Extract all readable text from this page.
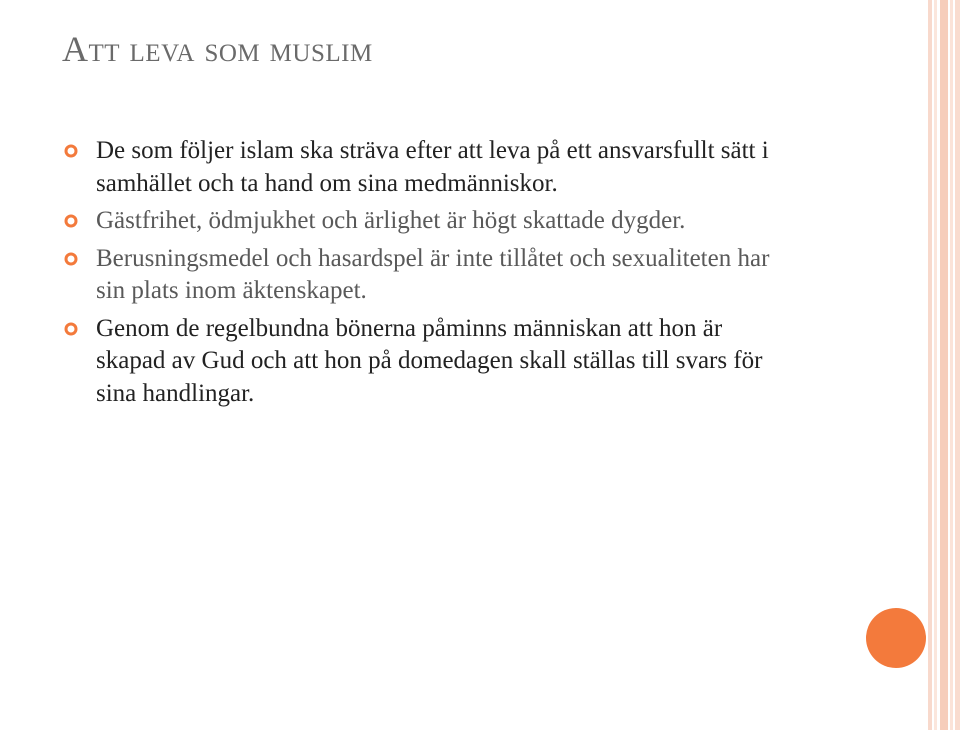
Att leva som muslim
De som följer islam ska sträva efter att leva på ett ansvarsfullt sätt i samhället och ta hand om sina medmänniskor.
Gästfrihet, ödmjukhet och ärlighet är högt skattade dygder.
Berusningsmedel och hasardspel är inte tillåtet och sexualiteten har sin plats inom äktenskapet.
Genom de regelbundna bönerna påminns människan att hon är skapad av Gud och att hon på domedagen skall ställas till svars för sina handlingar.
